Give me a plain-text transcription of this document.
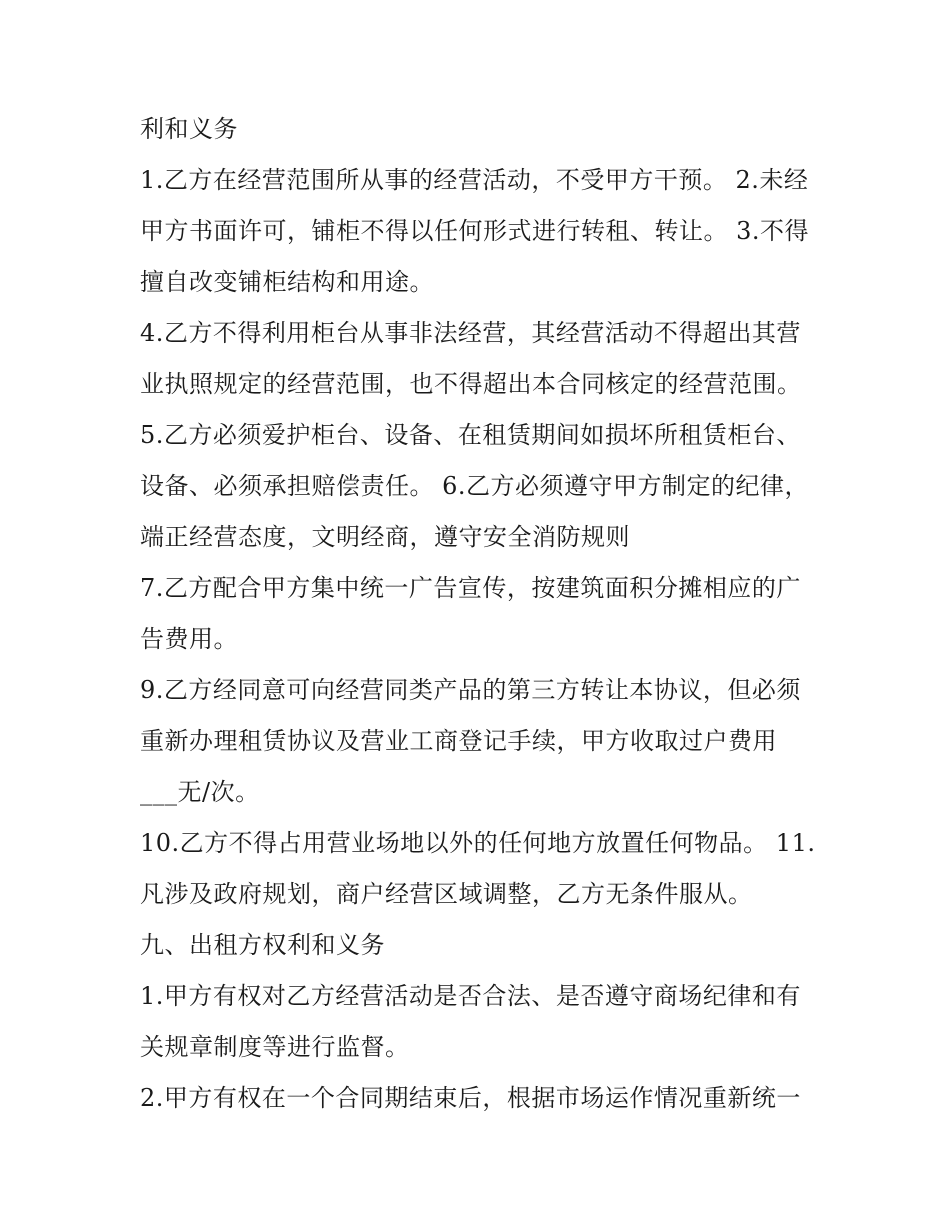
利和义务
1.乙方在经营范围所从事的经营活动，不受甲方干预。 2.未经
甲方书面许可，铺柜不得以任何形式进行转租、转让。 3.不得
擅自改变铺柜结构和用途。
4.乙方不得利用柜台从事非法经营，其经营活动不得超出其营
业执照规定的经营范围，也不得超出本合同核定的经营范围。
5.乙方必须爱护柜台、设备、在租赁期间如损坏所租赁柜台、
设备、必须承担赔偿责任。 6.乙方必须遵守甲方制定的纪律，
端正经营态度，文明经商，遵守安全消防规则
7.乙方配合甲方集中统一广告宣传，按建筑面积分摊相应的广
告费用。
9.乙方经同意可向经营同类产品的第三方转让本协议，但必须
重新办理租赁协议及营业工商登记手续，甲方收取过户费用
___无/次。
10.乙方不得占用营业场地以外的任何地方放置任何物品。 11.
凡涉及政府规划，商户经营区域调整，乙方无条件服从。
九、出租方权利和义务
1.甲方有权对乙方经营活动是否合法、是否遵守商场纪律和有
关规章制度等进行监督。
2.甲方有权在一个合同期结束后，根据市场运作情况重新统一
